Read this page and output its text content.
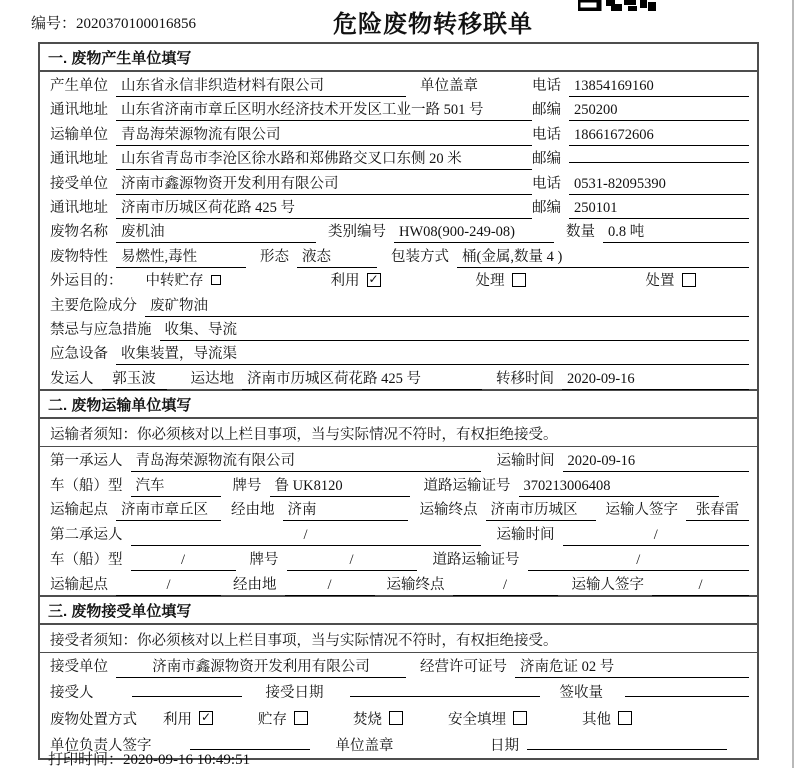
编号：2020370100016856	危险废物转移联单
一. 废物产生单位填写
产生单位 山东省永信非织造材料有限公司	单位盖章	电话 13854169160
通讯地址 山东省济南市章丘区明水经济技术开发区工业一路 501 号	邮编 250200
运输单位 青岛海荣源物流有限公司	电话 18661672606
通讯地址 山东省青岛市李沧区徐水路和郑佛路交叉口东侧 20 米	邮编
接受单位 济南市鑫源物资开发利用有限公司	电话 0531-82095390
通讯地址 济南市历城区荷花路 425 号	邮编 250101
废物名称 废机油	类别编号 HW08(900-249-08)	数量 0.8 吨
废物特性 易燃性,毒性	形态 液态	包装方式 桶(金属,数量 4 )
外运目的： 中转贮存	利用 ✓	处理	处置
主要危险成分 废矿物油
禁忌与应急措施 收集、导流
应急设备 收集装置，导流渠
发运人	郭玉波	运达地 济南市历城区荷花路 425 号	转移时间 2020-09-16
二. 废物运输单位填写
运输者须知：你必须核对以上栏目事项，当与实际情况不符时，有权拒绝接受。
第一承运人 青岛海荣源物流有限公司	运输时间 2020-09-16
车（船）型 汽车	牌号 鲁 UK8120	道路运输证号 370213006408
运输起点 济南市章丘区	经由地 济南	运输终点 济南市历城区	运输人签字	张春雷
第二承运人	/	运输时间	/
车（船）型	/	牌号	/	道路运输证号	/
运输起点	/	经由地	/	运输终点	/	运输人签字	/
三. 废物接受单位填写
接受者须知：你必须核对以上栏目事项，当与实际情况不符时，有权拒绝接受。
接受单位	济南市鑫源物资开发利用有限公司	经营许可证号 济南危证 02 号
接受人	接受日期	签收量
废物处置方式 利用 ✓	贮存	焚烧	安全填埋	其他
单位负责人签字	单位盖章	日期
打印时间：2020-09-16 10:49:51
